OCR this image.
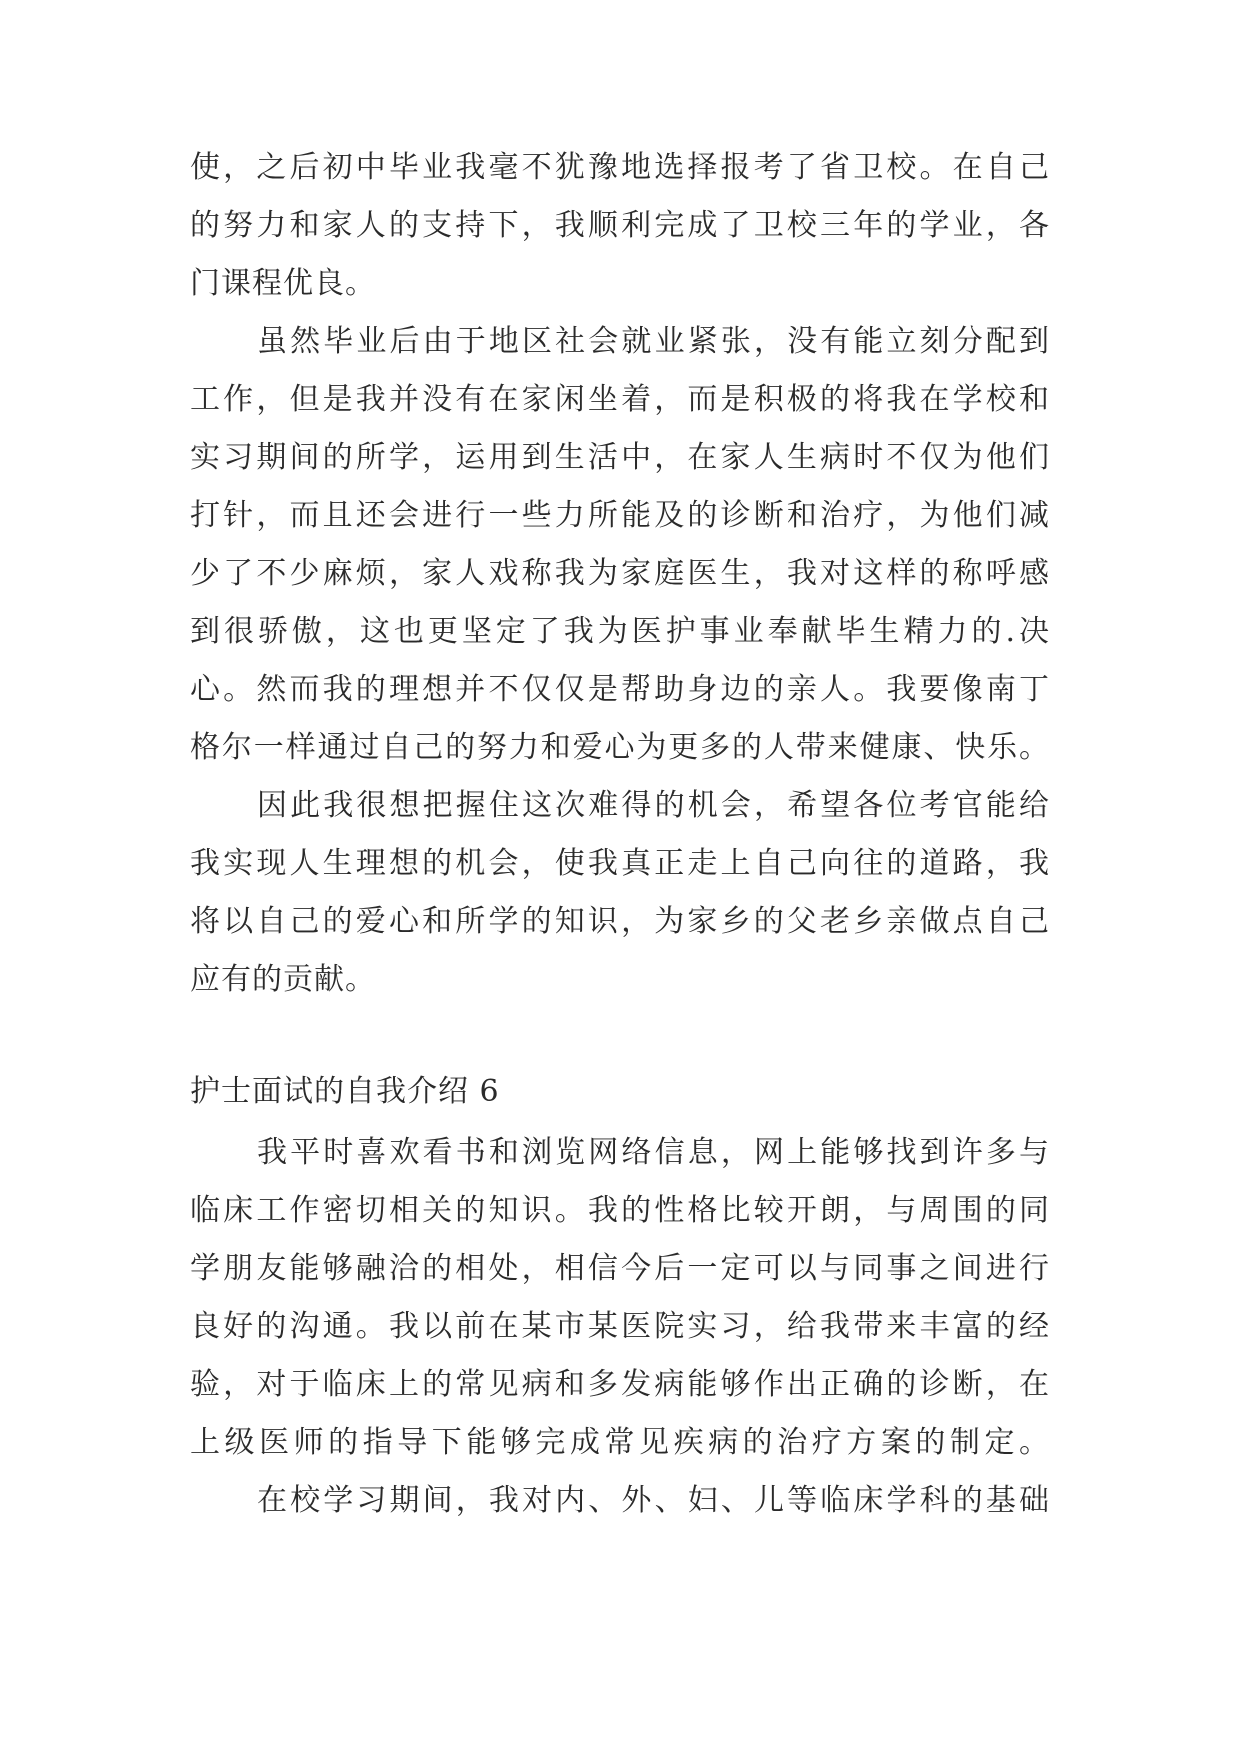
使，之后初中毕业我毫不犹豫地选择报考了省卫校。在自己
的努力和家人的支持下，我顺利完成了卫校三年的学业，各
门课程优良。
虽然毕业后由于地区社会就业紧张，没有能立刻分配到
工作，但是我并没有在家闲坐着，而是积极的将我在学校和
实习期间的所学，运用到生活中，在家人生病时不仅为他们
打针，而且还会进行一些力所能及的诊断和治疗，为他们减
少了不少麻烦，家人戏称我为家庭医生，我对这样的称呼感
到很骄傲，这也更坚定了我为医护事业奉献毕生精力的.决
心。然而我的理想并不仅仅是帮助身边的亲人。我要像南丁
格尔一样通过自己的努力和爱心为更多的人带来健康、快乐。
因此我很想把握住这次难得的机会，希望各位考官能给
我实现人生理想的机会，使我真正走上自己向往的道路，我
将以自己的爱心和所学的知识，为家乡的父老乡亲做点自己
应有的贡献。
护士面试的自我介绍 6
我平时喜欢看书和浏览网络信息，网上能够找到许多与
临床工作密切相关的知识。我的性格比较开朗，与周围的同
学朋友能够融洽的相处，相信今后一定可以与同事之间进行
良好的沟通。我以前在某市某医院实习，给我带来丰富的经
验，对于临床上的常见病和多发病能够作出正确的诊断，在
上级医师的指导下能够完成常见疾病的治疗方案的制定。
在校学习期间，我对内、外、妇、儿等临床学科的基础
